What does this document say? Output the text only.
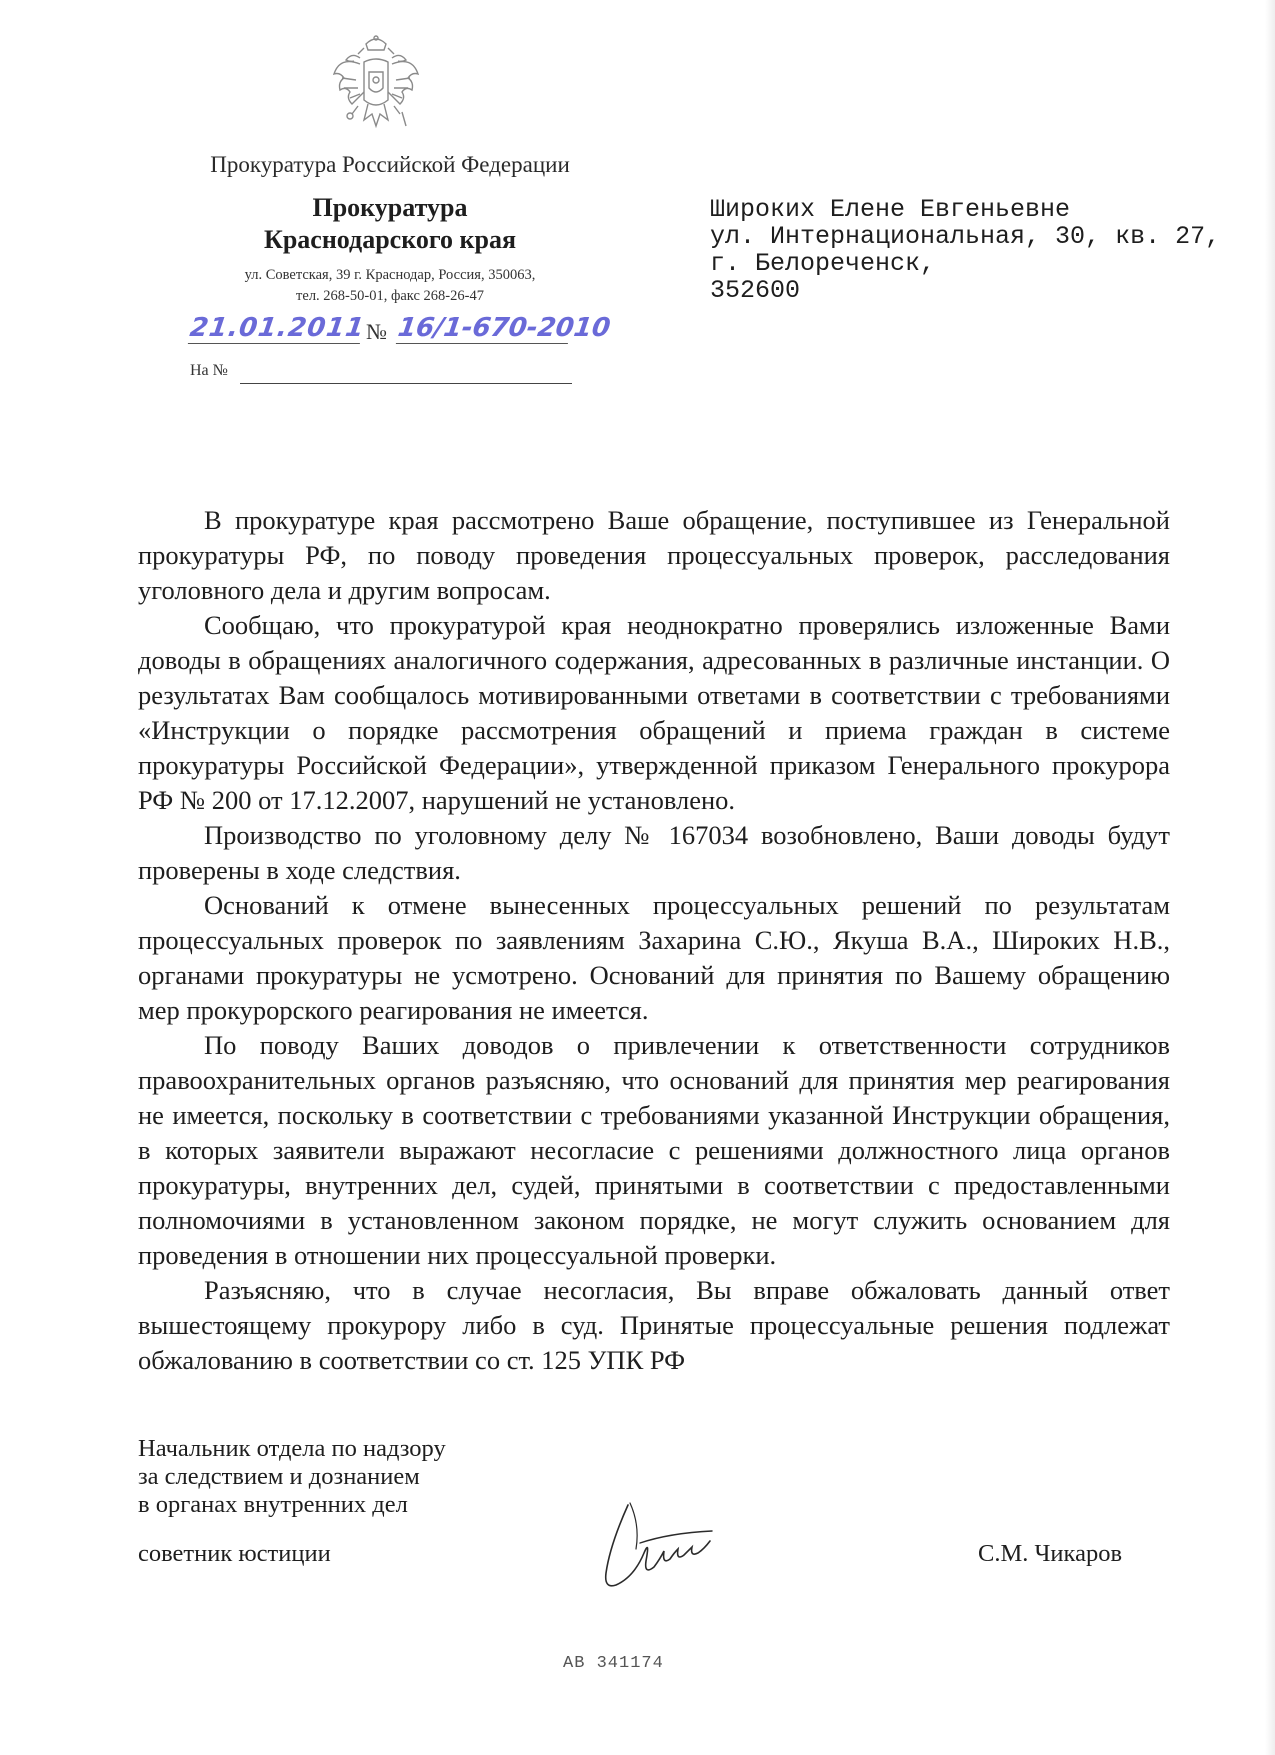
Прокуратура Российской Федерации
Прокуратура
Краснодарского края
ул. Советская, 39 г. Краснодар, Россия, 350063,
тел. 268-50-01, факс 268-26-47
21.01.2011 № 16/1-670-2010
На №
Широких Елене Евгеньевне
ул. Интернациональная, 30, кв. 27,
г. Белореченск,
352600

В прокуратуре края рассмотрено Ваше обращение, поступившее из Генеральной прокуратуры РФ, по поводу проведения процессуальных проверок, расследования уголовного дела и другим вопросам.

Сообщаю, что прокуратурой края неоднократно проверялись изложенные Вами доводы в обращениях аналогичного содержания, адресованных в различные инстанции. О результатах Вам сообщалось мотивированными ответами в соответствии с требованиями «Инструкции о порядке рассмотрения обращений и приема граждан в системе прокуратуры Российской Федерации», утвержденной приказом Генерального прокурора РФ № 200 от 17.12.2007, нарушений не установлено.

Производство по уголовному делу № 167034 возобновлено, Ваши доводы будут проверены в ходе следствия.

Оснований к отмене вынесенных процессуальных решений по результатам процессуальных проверок по заявлениям Захарина С.Ю., Якуша В.А., Широких Н.В., органами прокуратуры не усмотрено. Оснований для принятия по Вашему обращению мер прокурорского реагирования не имеется.

По поводу Ваших доводов о привлечении к ответственности сотрудников правоохранительных органов разъясняю, что оснований для принятия мер реагирования не имеется, поскольку в соответствии с требованиями указанной Инструкции обращения, в которых заявители выражают несогласие с решениями должностного лица органов прокуратуры, внутренних дел, судей, принятыми в соответствии с предоставленными полномочиями в установленном законом порядке, не могут служить основанием для проведения в отношении них процессуальной проверки.

Разъясняю, что в случае несогласия, Вы вправе обжаловать данный ответ вышестоящему прокурору либо в суд. Принятые процессуальные решения подлежат обжалованию в соответствии со ст. 125 УПК РФ

Начальник отдела по надзору
за следствием и дознанием
в органах внутренних дел
советник юстиции	С.М. Чикаров
АВ 341174
